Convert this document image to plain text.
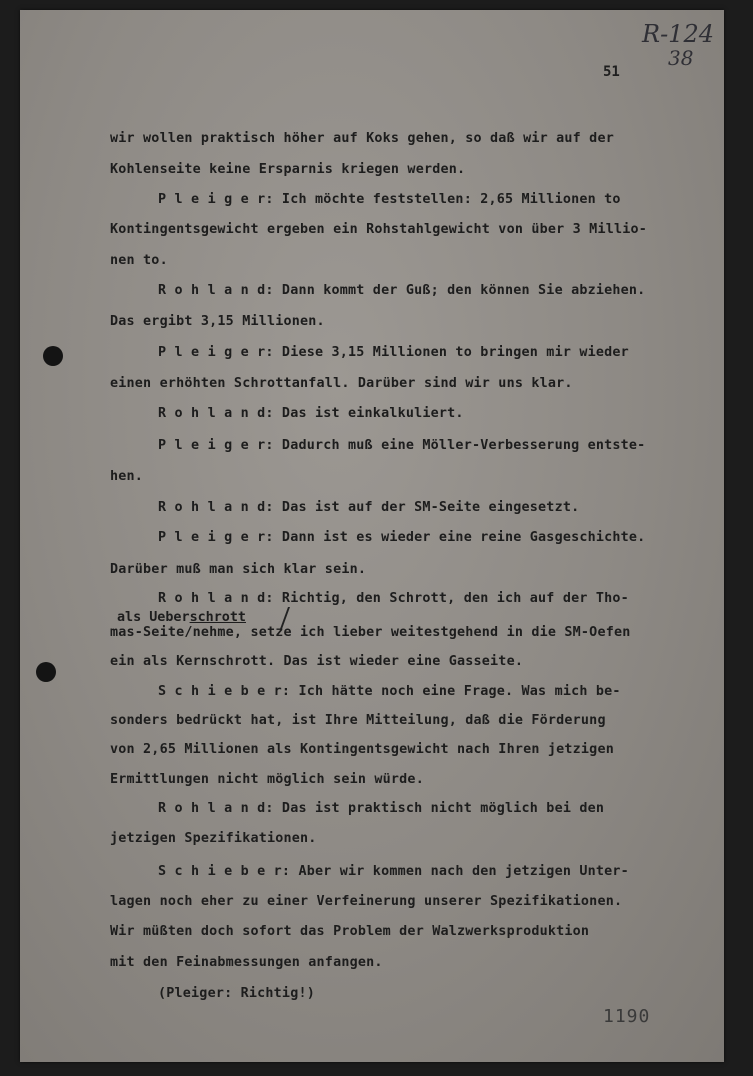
R-124
38
51

wir wollen praktisch höher auf Koks gehen, so daß wir auf der

Kohlenseite keine Ersparnis kriegen werden.

P l e i g e r: Ich möchte feststellen: 2,65 Millionen to

Kontingentsgewicht ergeben ein Rohstahlgewicht von über 3 Millio-

nen to.

R o h l a n d: Dann kommt der Guß; den können Sie abziehen.

Das ergibt 3,15 Millionen.

P l e i g e r: Diese 3,15 Millionen to bringen mir wieder

einen erhöhten Schrottanfall. Darüber sind wir uns klar.

R o h l a n d: Das ist einkalkuliert.

P l e i g e r: Dadurch muß eine Möller-Verbesserung entste-

hen.

R o h l a n d: Das ist auf der SM-Seite eingesetzt.

P l e i g e r: Dann ist es wieder eine reine Gasgeschichte.

Darüber muß man sich klar sein.

R o h l a n d: Richtig, den Schrott, den ich auf der Tho-

als Ueberschrott

mas-Seite/nehme, setze ich lieber weitestgehend in die SM-Oefen

ein als Kernschrott. Das ist wieder eine Gasseite.

S c h i e b e r: Ich hätte noch eine Frage. Was mich be-

sonders bedrückt hat, ist Ihre Mitteilung, daß die Förderung

von 2,65 Millionen als Kontingentsgewicht nach Ihren jetzigen

Ermittlungen nicht möglich sein würde.

R o h l a n d: Das ist praktisch nicht möglich bei den

jetzigen Spezifikationen.

S c h i e b e r: Aber wir kommen nach den jetzigen Unter-

lagen noch eher zu einer Verfeinerung unserer Spezifikationen.

Wir müßten doch sofort das Problem der Walzwerksproduktion

mit den Feinabmessungen anfangen.

(Pleiger: Richtig!)

1190
